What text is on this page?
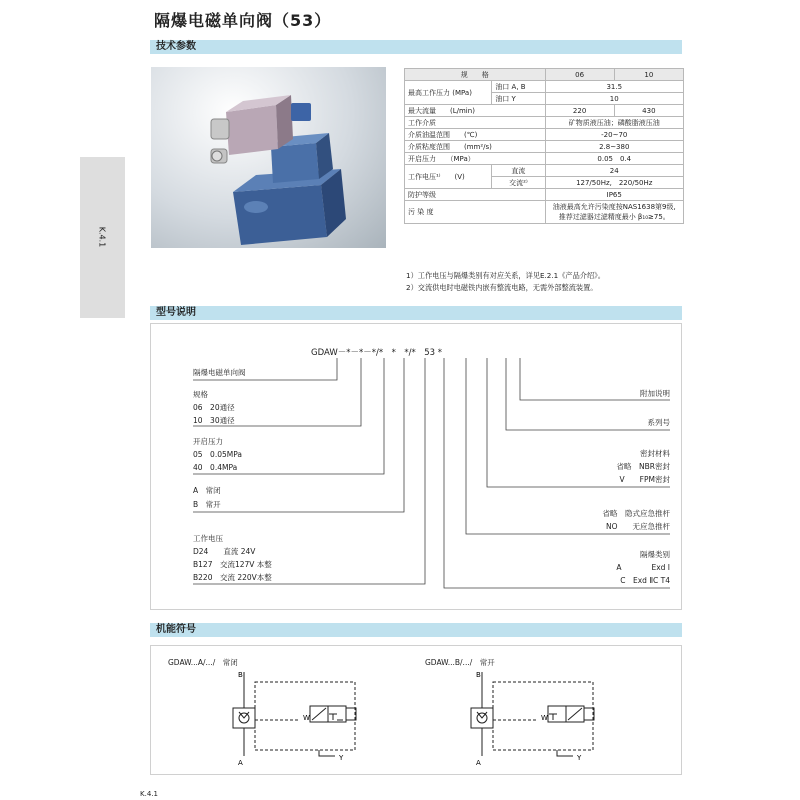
隔爆电磁单向阀（53）
K.4.1
技术参数
规　　格		06	10
最高工作压力 (MPa)	油口 A, B	31.5	
	油口 Y	10	
最大流量　　(L/min)		220	430
工作介质		矿物质液压油；磷酸脂液压油	
介质油温范围　　(℃)		-20~70	
介质粘度范围　　(mm²/s)		2.8~380	
开启压力　　（MPa）		0.05　0.4	
工作电压¹⁾　　(V)	直流	24	
	交流²⁾	127/50Hz,　220/50Hz	
防护等级		IP65	
污 染 度		油液最高允许污染度按NAS1638第9级,
推荐过滤器过滤精度最小 β₁₀≥75。	
1）工作电压与隔爆类别有对应关系，详见E.2.1《产品介绍》。
2）交流供电时电磁铁内嵌有整流电路，无需外部整流装置。
型号说明
GDAW－*－*－*/*　*　*/*　53 *
隔爆电磁单向阀
规格
06　20通径
10　30通径
开启压力
05　0.05MPa
40　0.4MPa
A　常闭
B　常开
工作电压
D24　　直流 24V
B127　交流127V 本整
B220　交流 220V本整
附加说明
系列号
密封材料
省略　NBR密封
V　　FPM密封
省略　隐式应急推杆
NO　　无应急推杆
隔爆类别
A　　　　Exd Ⅰ
C　Exd ⅡC T4
机能符号
GDAW...A/.../　常闭	GDAW...B/.../　常开
B
A
Y
W
B
A
Y
W
K.4.1
